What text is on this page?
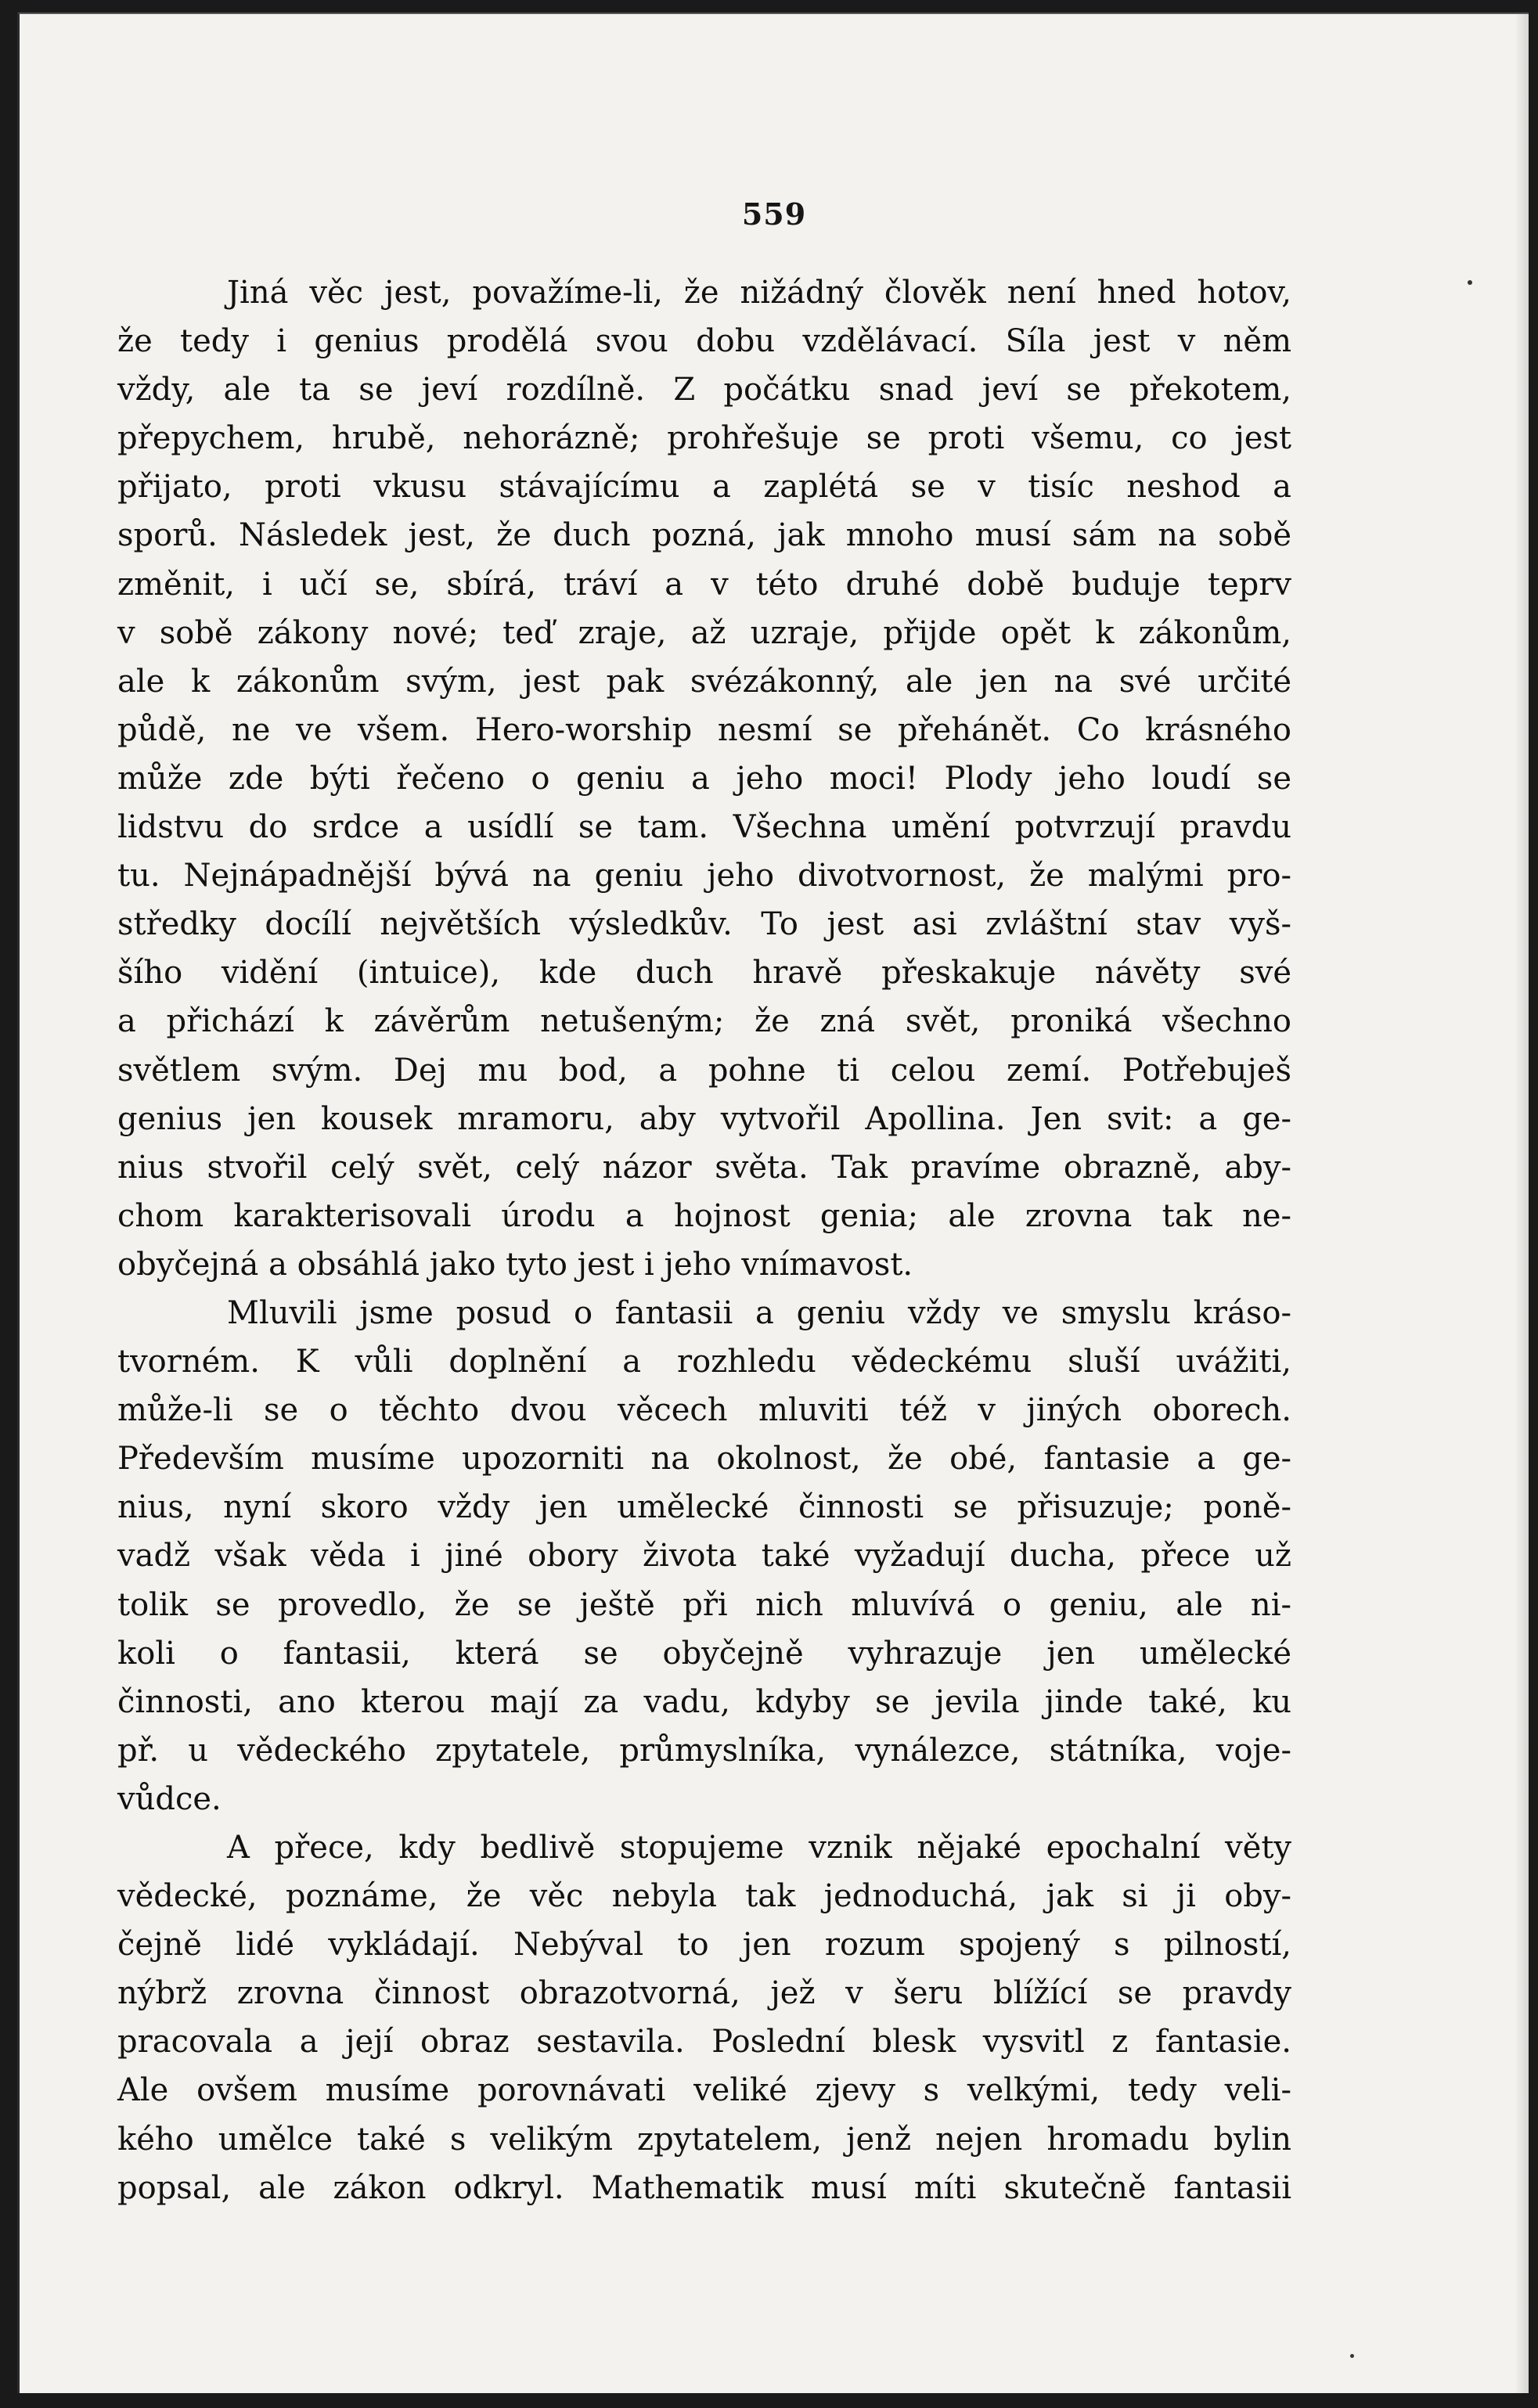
559
Jiná věc jest, považíme-li, že nižádný člověk není hned hotov,
že tedy i genius prodělá svou dobu vzdělávací. Síla jest v něm
vždy, ale ta se jeví rozdílně. Z počátku snad jeví se překotem,
přepychem, hrubě, nehorázně; prohřešuje se proti všemu, co jest
přijato, proti vkusu stávajícímu a zaplétá se v tisíc neshod a
sporů. Následek jest, že duch pozná, jak mnoho musí sám na sobě
změnit, i učí se, sbírá, tráví a v této druhé době buduje teprv
v sobě zákony nové; teď zraje, až uzraje, přijde opět k zákonům,
ale k zákonům svým, jest pak svézákonný, ale jen na své určité
půdě, ne ve všem. Hero-worship nesmí se přehánět. Co krásného
může zde býti řečeno o geniu a jeho moci! Plody jeho loudí se
lidstvu do srdce a usídlí se tam. Všechna umění potvrzují pravdu
tu. Nejnápadnější bývá na geniu jeho divotvornost, že malými pro-
středky docílí největších výsledkův. To jest asi zvláštní stav vyš-
šího vidění (intuice), kde duch hravě přeskakuje návěty své
a přichází k závěrům netušeným; že zná svět, proniká všechno
světlem svým. Dej mu bod, a pohne ti celou zemí. Potřebuješ
genius jen kousek mramoru, aby vytvořil Apollina. Jen svit: a ge-
nius stvořil celý svět, celý názor světa. Tak pravíme obrazně, aby-
chom karakterisovali úrodu a hojnost genia; ale zrovna tak ne-
obyčejná a obsáhlá jako tyto jest i jeho vnímavost.
Mluvili jsme posud o fantasii a geniu vždy ve smyslu kráso-
tvorném. K vůli doplnění a rozhledu vědeckému sluší uvážiti,
může-li se o těchto dvou věcech mluviti též v jiných oborech.
Především musíme upozorniti na okolnost, že obé, fantasie a ge-
nius, nyní skoro vždy jen umělecké činnosti se přisuzuje; poně-
vadž však věda i jiné obory života také vyžadují ducha, přece už
tolik se provedlo, že se ještě při nich mluvívá o geniu, ale ni-
koli o fantasii, která se obyčejně vyhrazuje jen umělecké
činnosti, ano kterou mají za vadu, kdyby se jevila jinde také, ku
př. u vědeckého zpytatele, průmyslníka, vynálezce, státníka, voje-
vůdce.
A přece, kdy bedlivě stopujeme vznik nějaké epochalní věty
vědecké, poznáme, že věc nebyla tak jednoduchá, jak si ji oby-
čejně lidé vykládají. Nebýval to jen rozum spojený s pilností,
nýbrž zrovna činnost obrazotvorná, jež v šeru blížící se pravdy
pracovala a její obraz sestavila. Poslední blesk vysvitl z fantasie.
Ale ovšem musíme porovnávati veliké zjevy s velkými, tedy veli-
kého umělce také s velikým zpytatelem, jenž nejen hromadu bylin
popsal, ale zákon odkryl. Mathematik musí míti skutečně fantasii
